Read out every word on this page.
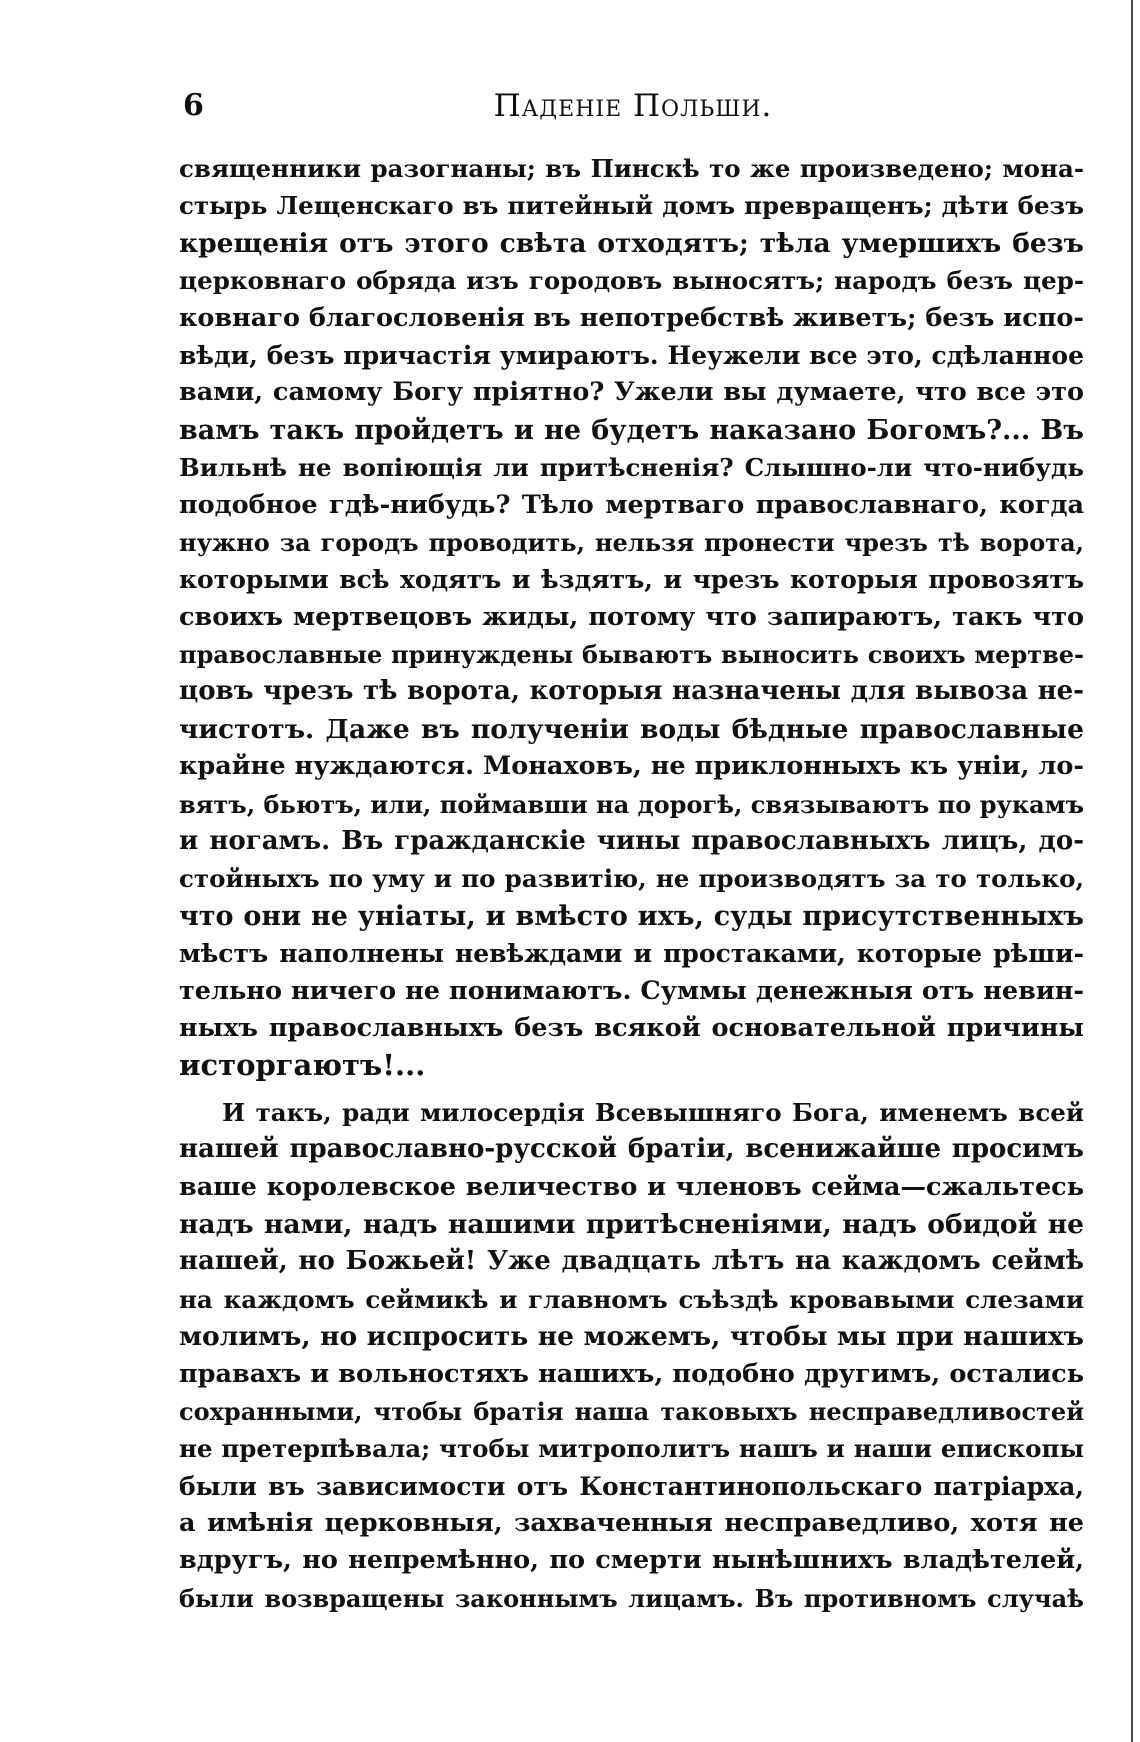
6	Паденіе Польши.
священники разогнаны; въ Пинскѣ то же произведено; мона-
стырь Лещенскаго въ питейный домъ превращенъ; дѣти безъ
крещенія отъ этого свѣта отходятъ; тѣла умершихъ безъ
церковнаго обряда изъ городовъ выносятъ; народъ безъ цер-
ковнаго благословенія въ непотребствѣ живетъ; безъ испо-
вѣди, безъ причастія умираютъ. Неужели все это, сдѣланное
вами, самому Богу пріятно? Ужели вы думаете, что все это
вамъ такъ пройдетъ и не будетъ наказано Богомъ?... Въ
Вильнѣ не вопіющія ли притѣсненія? Слышно-ли что-нибудь
подобное гдѣ-нибудь? Тѣло мертваго православнаго, когда
нужно за городъ проводить, нельзя пронести чрезъ тѣ ворота,
которыми всѣ ходятъ и ѣздятъ, и чрезъ которыя провозятъ
своихъ мертвецовъ жиды, потому что запираютъ, такъ что
православные принуждены бываютъ выносить своихъ мертве-
цовъ чрезъ тѣ ворота, которыя назначены для вывоза не-
чистотъ. Даже въ полученіи воды бѣдные православные
крайне нуждаются. Монаховъ, не приклонныхъ къ уніи, ло-
вятъ, бьютъ, или, поймавши на дорогѣ, связываютъ по рукамъ
и ногамъ. Въ гражданскіе чины православныхъ лицъ, до-
стойныхъ по уму и по развитію, не производятъ за то только,
что они не уніаты, и вмѣсто ихъ, суды присутственныхъ
мѣстъ наполнены невѣждами и простаками, которые рѣши-
тельно ничего не понимаютъ. Суммы денежныя отъ невин-
ныхъ православныхъ безъ всякой основательной причины
исторгаютъ!...
И такъ, ради милосердія Всевышняго Бога, именемъ всей
нашей православно-русской братіи, всенижайше просимъ
ваше королевское величество и членовъ сейма—сжальтесь
надъ нами, надъ нашими притѣсненіями, надъ обидой не
нашей, но Божьей! Уже двадцать лѣтъ на каждомъ сеймѣ
на каждомъ сеймикѣ и главномъ съѣздѣ кровавыми слезами
молимъ, но испросить не можемъ, чтобы мы при нашихъ
правахъ и вольностяхъ нашихъ, подобно другимъ, остались
сохранными, чтобы братія наша таковыхъ несправедливостей
не претерпѣвала; чтобы митрополитъ нашъ и наши епископы
были въ зависимости отъ Константинопольскаго патріарха,
а имѣнія церковныя, захваченныя несправедливо, хотя не
вдругъ, но непремѣнно, по смерти нынѣшнихъ владѣтелей,
были возвращены законнымъ лицамъ. Въ противномъ случаѣ
